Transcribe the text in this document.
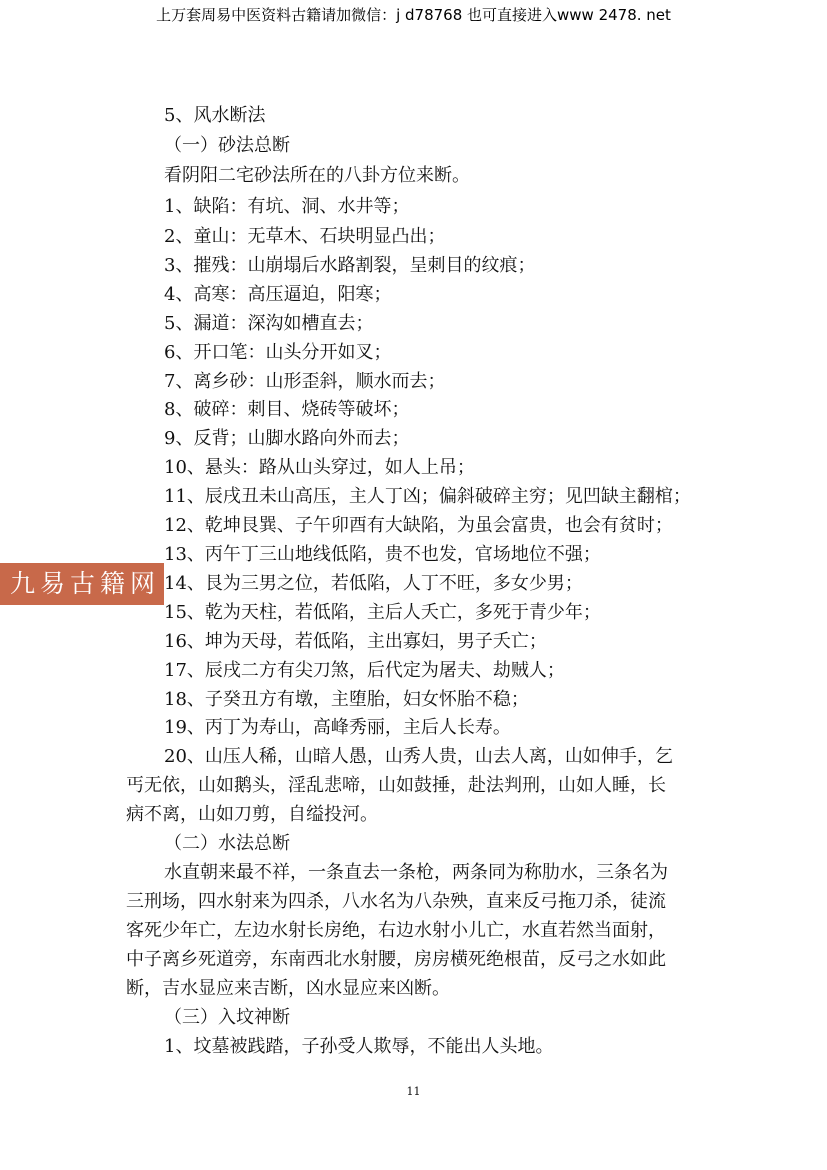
上万套周易中医资料古籍请加微信：j d78768 也可直接进入www 2478. net
5、风水断法
（一）砂法总断
看阴阳二宅砂法所在的八卦方位来断。
1、缺陷：有坑、洞、水井等；
2、童山：无草木、石块明显凸出；
3、摧残：山崩塌后水路割裂，呈刺目的纹痕；
4、高寒：高压逼迫，阳寒；
5、漏道：深沟如槽直去；
6、开口笔：山头分开如叉；
7、离乡砂：山形歪斜，顺水而去；
8、破碎：刺目、烧砖等破坏；
9、反背；山脚水路向外而去；
10、悬头：路从山头穿过，如人上吊；
11、辰戌丑未山高压，主人丁凶；偏斜破碎主穷；见凹缺主翻棺；
12、乾坤艮巽、子午卯酉有大缺陷，为虽会富贵，也会有贫时；
13、丙午丁三山地线低陷，贵不也发，官场地位不强；
14、艮为三男之位，若低陷，人丁不旺，多女少男；
15、乾为天柱，若低陷，主后人夭亡，多死于青少年；
16、坤为天母，若低陷，主出寡妇，男子夭亡；
17、辰戌二方有尖刀煞，后代定为屠夫、劫贼人；
18、子癸丑方有墩，主堕胎，妇女怀胎不稳；
19、丙丁为寿山，高峰秀丽，主后人长寿。
20、山压人稀，山暗人愚，山秀人贵，山去人离，山如伸手，乞
丐无依，山如鹅头，淫乱悲啼，山如鼓捶，赴法判刑，山如人睡，长
病不离，山如刀剪，自缢投河。
（二）水法总断
水直朝来最不祥，一条直去一条枪，两条同为称肋水，三条名为
三刑场，四水射来为四杀，八水名为八杂殃，直来反弓拖刀杀，徒流
客死少年亡，左边水射长房绝，右边水射小儿亡，水直若然当面射，
中子离乡死道旁，东南西北水射腰，房房横死绝根苗，反弓之水如此
断，吉水显应来吉断，凶水显应来凶断。
（三）入坟神断
1、坟墓被践踏，子孙受人欺辱，不能出人头地。
九易古籍网
11
